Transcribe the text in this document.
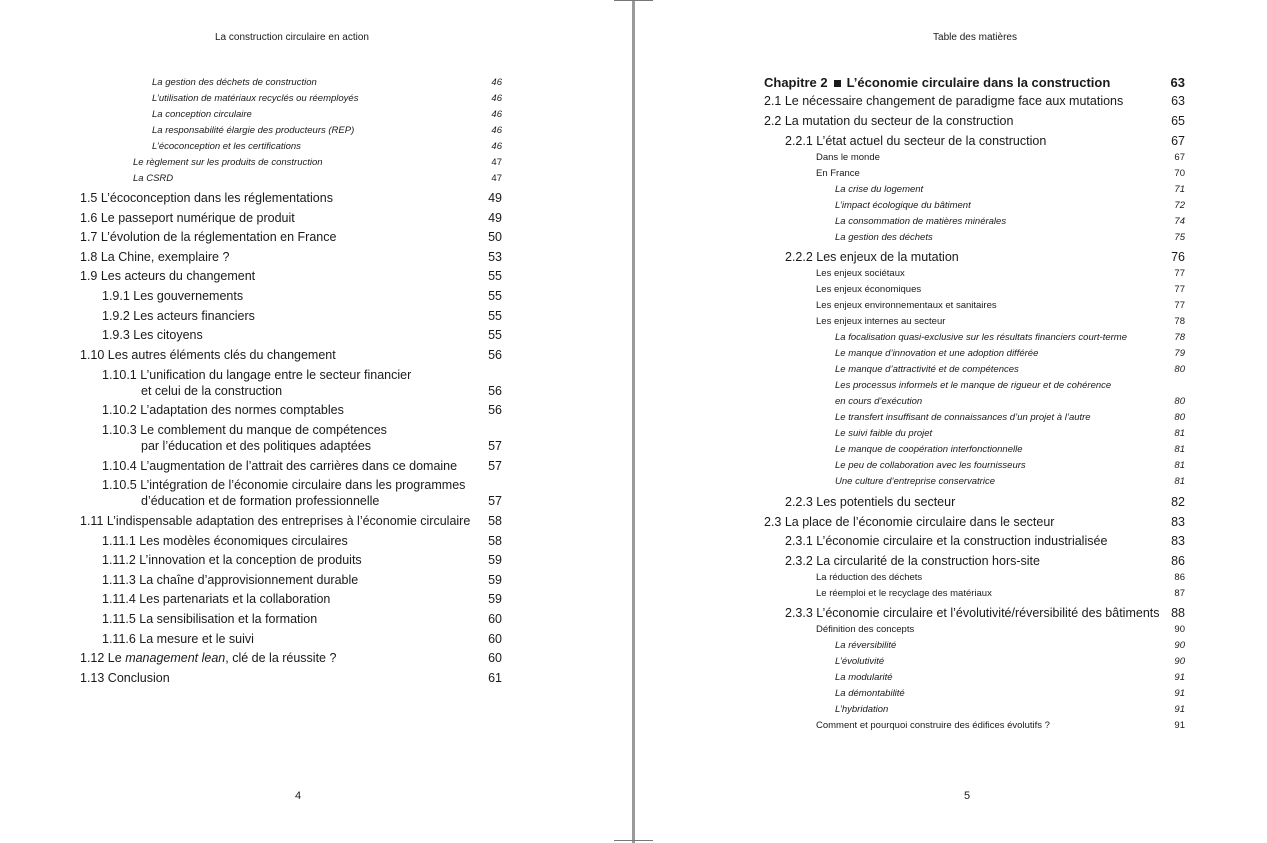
La construction circulaire en action
La gestion des déchets de construction	46
L’utilisation de matériaux recyclés ou réemployés	46
La conception circulaire	46
La responsabilité élargie des producteurs (REP)	46
L’écoconception et les certifications	46
Le règlement sur les produits de construction	47
La CSRD	47
1.5 L’écoconception dans les réglementations	49
1.6 Le passeport numérique de produit	49
1.7 L’évolution de la réglementation en France	50
1.8 La Chine, exemplaire ?	53
1.9 Les acteurs du changement	55
1.9.1 Les gouvernements	55
1.9.2 Les acteurs financiers	55
1.9.3 Les citoyens	55
1.10 Les autres éléments clés du changement	56
1.10.1 L’unification du langage entre le secteur financier
et celui de la construction	56
1.10.2 L’adaptation des normes comptables	56
1.10.3 Le comblement du manque de compétences
par l’éducation et des politiques adaptées	57
1.10.4 L’augmentation de l’attrait des carrières dans ce domaine 57
1.10.5 L’intégration de l’économie circulaire dans les programmes
d’éducation et de formation professionnelle	57
1.11 L’indispensable adaptation des entreprises à l’économie circulaire 58
1.11.1 Les modèles économiques circulaires	58
1.11.2 L’innovation et la conception de produits	59
1.11.3 La chaîne d’approvisionnement durable	59
1.11.4 Les partenariats et la collaboration	59
1.11.5 La sensibilisation et la formation	60
1.11.6 La mesure et le suivi	60
1.12 Le management lean, clé de la réussite ?	60
1.13 Conclusion	61
4
Table des matières
Chapitre 2 L’économie circulaire dans la construction	63
2.1 Le nécessaire changement de paradigme face aux mutations	63
2.2 La mutation du secteur de la construction	65
2.2.1 L’état actuel du secteur de la construction	67
Dans le monde	67
En France	70
La crise du logement	71
L’impact écologique du bâtiment	72
La consommation de matières minérales	74
La gestion des déchets	75
2.2.2 Les enjeux de la mutation	76
Les enjeux sociétaux	77
Les enjeux économiques	77
Les enjeux environnementaux et sanitaires	77
Les enjeux internes au secteur	78
La focalisation quasi-exclusive sur les résultats financiers court-terme	78
Le manque d’innovation et une adoption différée	79
Le manque d’attractivité et de compétences	80
Les processus informels et le manque de rigueur et de cohérence
en cours d’exécution	80
Le transfert insuffisant de connaissances d’un projet à l’autre	80
Le suivi faible du projet	81
Le manque de coopération interfonctionnelle	81
Le peu de collaboration avec les fournisseurs	81
Une culture d’entreprise conservatrice	81
2.2.3 Les potentiels du secteur	82
2.3 La place de l’économie circulaire dans le secteur	83
2.3.1 L’économie circulaire et la construction industrialisée	83
2.3.2 La circularité de la construction hors-site	86
La réduction des déchets	86
Le réemploi et le recyclage des matériaux	87
2.3.3 L’économie circulaire et l’évolutivité/réversibilité des bâtiments 88
Définition des concepts	90
La réversibilité	90
L’évolutivité	90
La modularité	91
La démontabilité	91
L’hybridation	91
Comment et pourquoi construire des édifices évolutifs ?	91
5
